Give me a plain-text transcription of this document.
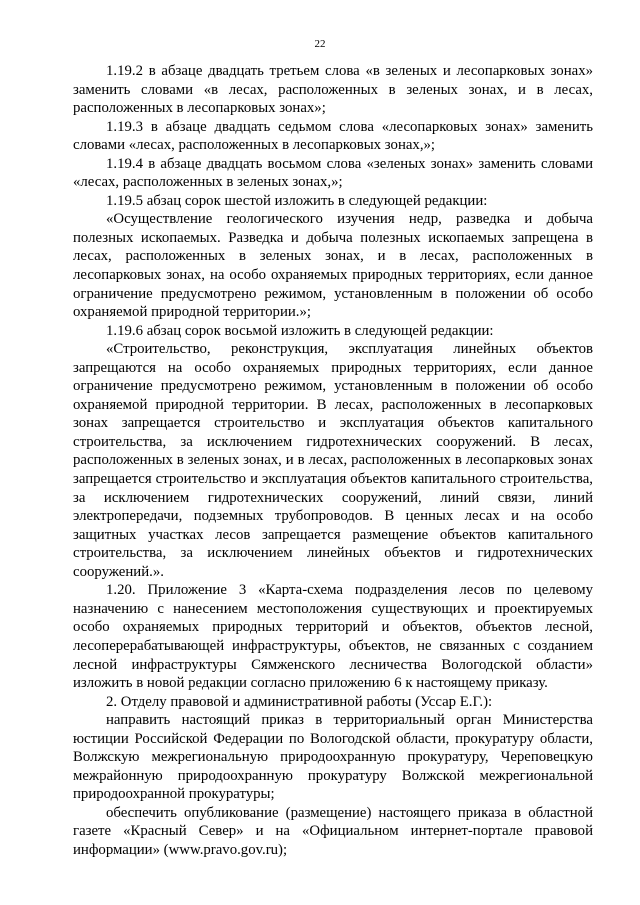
22

1.19.2 в абзаце двадцать третьем слова «в зеленых и лесопарковых зонах» заменить словами «в лесах, расположенных в зеленых зонах, и в лесах, расположенных в лесопарковых зонах»;

1.19.3 в абзаце двадцать седьмом слова «лесопарковых зонах» заменить словами «лесах, расположенных в лесопарковых зонах,»;

1.19.4 в абзаце двадцать восьмом слова «зеленых зонах» заменить словами «лесах, расположенных в зеленых зонах,»;

1.19.5 абзац сорок шестой изложить в следующей редакции:

«Осуществление геологического изучения недр, разведка и добыча полезных ископаемых. Разведка и добыча полезных ископаемых запрещена в лесах, расположенных в зеленых зонах, и в лесах, расположенных в лесопарковых зонах, на особо охраняемых природных территориях, если данное ограничение предусмотрено режимом, установленным в положении об особо охраняемой природной территории.»;

1.19.6 абзац сорок восьмой изложить в следующей редакции:

«Строительство, реконструкция, эксплуатация линейных объектов запрещаются на особо охраняемых природных территориях, если данное ограничение предусмотрено режимом, установленным в положении об особо охраняемой природной территории. В лесах, расположенных в лесопарковых зонах запрещается строительство и эксплуатация объектов капитального строительства, за исключением гидротехнических сооружений. В лесах, расположенных в зеленых зонах, и в лесах, расположенных в лесопарковых зонах запрещается строительство и эксплуатация объектов капитального строительства, за исключением гидротехнических сооружений, линий связи, линий электропередачи, подземных трубопроводов. В ценных лесах и на особо защитных участках лесов запрещается размещение объектов капитального строительства, за исключением линейных объектов и гидротехнических сооружений.».

1.20. Приложение 3 «Карта-схема подразделения лесов по целевому назначению с нанесением местоположения существующих и проектируемых особо охраняемых природных территорий и объектов, объектов лесной, лесоперерабатывающей инфраструктуры, объектов, не связанных с созданием лесной инфраструктуры Сямженского лесничества Вологодской области» изложить в новой редакции согласно приложению 6 к настоящему приказу.

2. Отделу правовой и административной работы (Уссар Е.Г.):

направить настоящий приказ в территориальный орган Министерства юстиции Российской Федерации по Вологодской области, прокуратуру области, Волжскую межрегиональную природоохранную прокуратуру, Череповецкую межрайонную природоохранную прокуратуру Волжской межрегиональной природоохранной прокуратуры;

обеспечить опубликование (размещение) настоящего приказа в областной газете «Красный Север» и на «Официальном интернет-портале правовой информации» (www.pravo.gov.ru);
